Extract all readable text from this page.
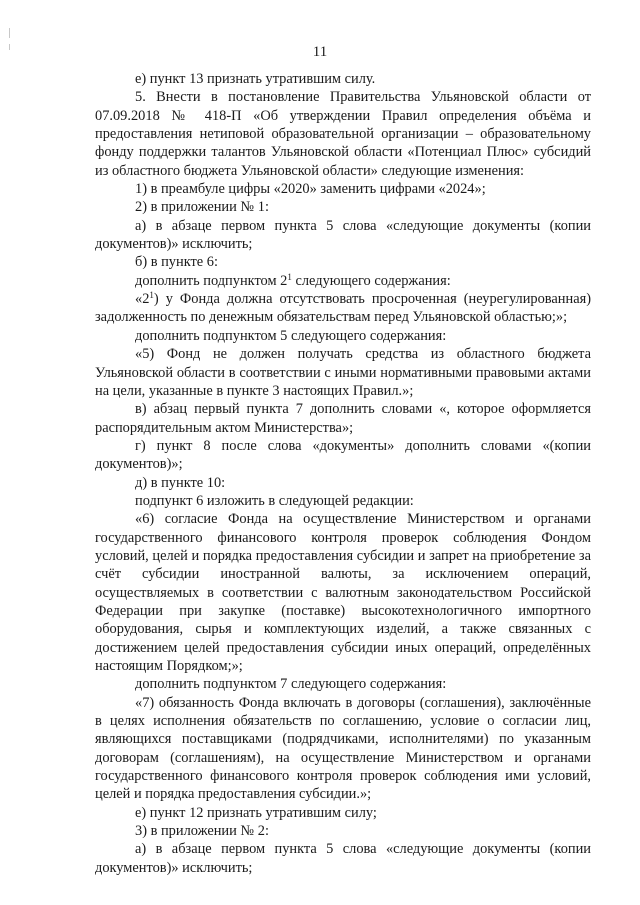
11

е) пункт 13 признать утратившим силу.

5. Внести в постановление Правительства Ульяновской области от 07.09.2018 № 418-П «Об утверждении Правил определения объёма и предоставления нетиповой образовательной организации – образовательному фонду поддержки талантов Ульяновской области «Потенциал Плюс» субсидий из областного бюджета Ульяновской области» следующие изменения:

1) в преамбуле цифры «2020» заменить цифрами «2024»;

2) в приложении № 1:

а) в абзаце первом пункта 5 слова «следующие документы (копии документов)» исключить;

б) в пункте 6:

дополнить подпунктом $2^1$ следующего содержания:

«$2^1$) у Фонда должна отсутствовать просроченная (неурегулированная) задолженность по денежным обязательствам перед Ульяновской областью;»;

дополнить подпунктом 5 следующего содержания:

«5) Фонд не должен получать средства из областного бюджета Ульяновской области в соответствии с иными нормативными правовыми актами на цели, указанные в пункте 3 настоящих Правил.»;

в) абзац первый пункта 7 дополнить словами «, которое оформляется распорядительным актом Министерства»;

г) пункт 8 после слова «документы» дополнить словами «(копии документов)»;

д) в пункте 10:

подпункт 6 изложить в следующей редакции:

«6) согласие Фонда на осуществление Министерством и органами государственного финансового контроля проверок соблюдения Фондом условий, целей и порядка предоставления субсидии и запрет на приобретение за счёт субсидии иностранной валюты, за исключением операций, осуществляемых в соответствии с валютным законодательством Российской Федерации при закупке (поставке) высокотехнологичного импортного оборудования, сырья и комплектующих изделий, а также связанных с достижением целей предоставления субсидии иных операций, определённых настоящим Порядком;»;

дополнить подпунктом 7 следующего содержания:

«7) обязанность Фонда включать в договоры (соглашения), заключённые в целях исполнения обязательств по соглашению, условие о согласии лиц, являющихся поставщиками (подрядчиками, исполнителями) по указанным договорам (соглашениям), на осуществление Министерством и органами государственного финансового контроля проверок соблюдения ими условий, целей и порядка предоставления субсидии.»;

е) пункт 12 признать утратившим силу;

3) в приложении № 2:

а) в абзаце первом пункта 5 слова «следующие документы (копии документов)» исключить;
